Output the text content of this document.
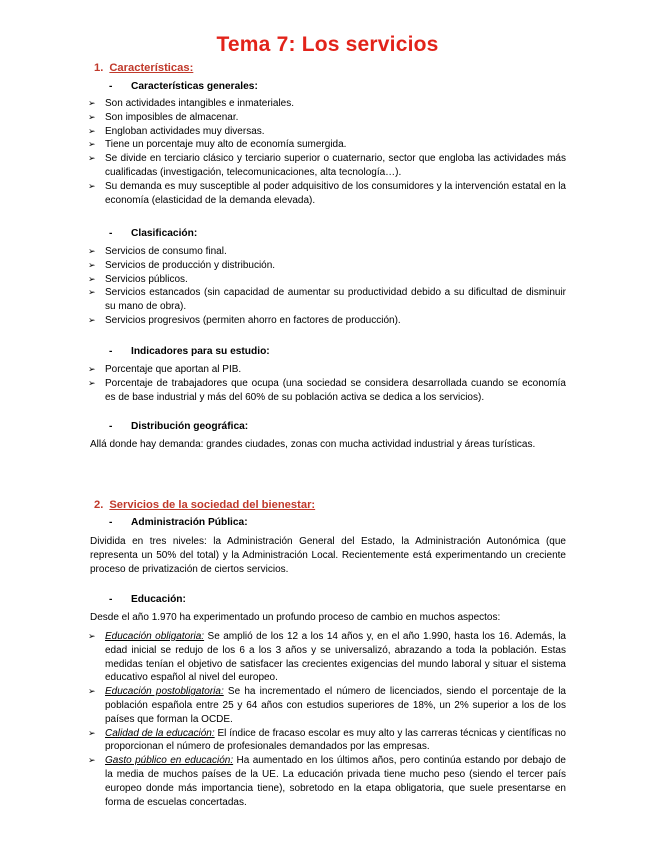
Tema 7: Los servicios
1. Características:
- Características generales:
➢ Son actividades intangibles e inmateriales.
➢ Son imposibles de almacenar.
➢ Engloban actividades muy diversas.
➢ Tiene un porcentaje muy alto de economía sumergida.
➢ Se divide en terciario clásico y terciario superior o cuaternario, sector que engloba las actividades más cualificadas (investigación, telecomunicaciones, alta tecnología…).
➢ Su demanda es muy susceptible al poder adquisitivo de los consumidores y la intervención estatal en la economía (elasticidad de la demanda elevada).
- Clasificación:
➢ Servicios de consumo final.
➢ Servicios de producción y distribución.
➢ Servicios públicos.
➢ Servicios estancados (sin capacidad de aumentar su productividad debido a su dificultad de disminuir su mano de obra).
➢ Servicios progresivos (permiten ahorro en factores de producción).
- Indicadores para su estudio:
➢ Porcentaje que aportan al PIB.
➢ Porcentaje de trabajadores que ocupa (una sociedad se considera desarrollada cuando se economía es de base industrial y más del 60% de su población activa se dedica a los servicios).
- Distribución geográfica:
Allá donde hay demanda: grandes ciudades, zonas con mucha actividad industrial y áreas turísticas.
2. Servicios de la sociedad del bienestar:
- Administración Pública:
Dividida en tres niveles: la Administración General del Estado, la Administración Autonómica (que representa un 50% del total) y la Administración Local. Recientemente está experimentando un creciente proceso de privatización de ciertos servicios.
- Educación:
Desde el año 1.970 ha experimentado un profundo proceso de cambio en muchos aspectos:
➢ Educación obligatoria: Se amplió de los 12 a los 14 años y, en el año 1.990, hasta los 16. Además, la edad inicial se redujo de los 6 a los 3 años y se universalizó, abrazando a toda la población. Estas medidas tenían el objetivo de satisfacer las crecientes exigencias del mundo laboral y situar el sistema educativo español al nivel del europeo.
➢ Educación postobligatoria: Se ha incrementado el número de licenciados, siendo el porcentaje de la población española entre 25 y 64 años con estudios superiores de 18%, un 2% superior a los de los países que forman la OCDE.
➢ Calidad de la educación: El índice de fracaso escolar es muy alto y las carreras técnicas y científicas no proporcionan el número de profesionales demandados por las empresas.
➢ Gasto público en educación: Ha aumentado en los últimos años, pero continúa estando por debajo de la media de muchos países de la UE. La educación privada tiene mucho peso (siendo el tercer país europeo donde más importancia tiene), sobretodo en la etapa obligatoria, que suele presentarse en forma de escuelas concertadas.
